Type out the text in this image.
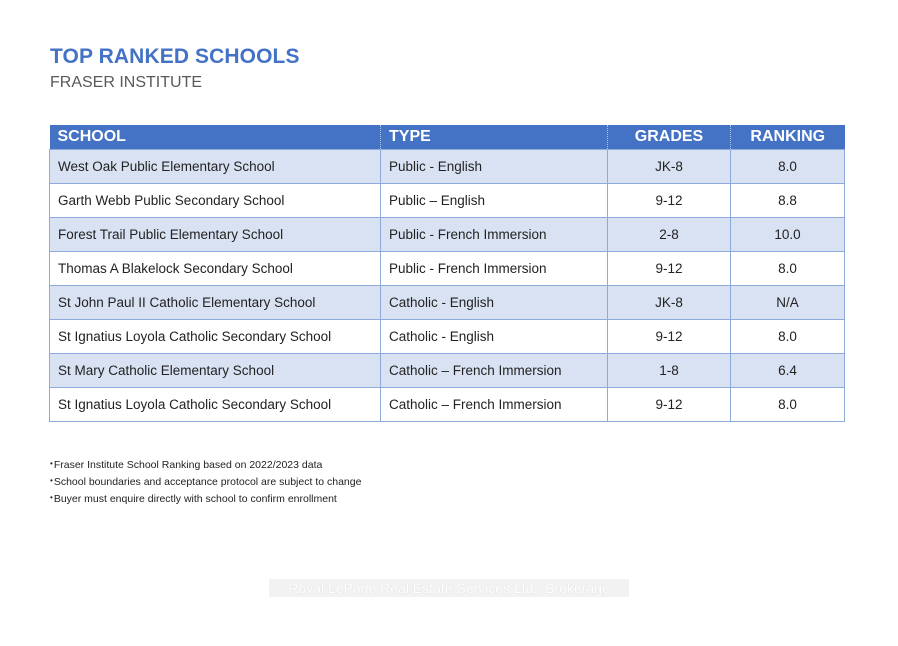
TOP RANKED SCHOOLS
FRASER INSTITUTE
SCHOOL	TYPE	GRADES	RANKING
West Oak Public Elementary School	Public - English	JK-8	8.0
Garth Webb Public Secondary School	Public – English	9-12	8.8
Forest Trail Public Elementary School	Public - French Immersion	2-8	10.0
Thomas A Blakelock Secondary School	Public - French Immersion	9-12	8.0
St John Paul II Catholic Elementary School	Catholic - English	JK-8	N/A
St Ignatius Loyola Catholic Secondary School	Catholic - English	9-12	8.0
St Mary Catholic Elementary School	Catholic – French Immersion	1-8	6.4
St Ignatius Loyola Catholic Secondary School	Catholic – French Immersion	9-12	8.0
•Fraser Institute School Ranking based on 2022/2023 data
•School boundaries and acceptance protocol are subject to change
•Buyer must enquire directly with school to confirm enrollment
Royal LePage Real Estate Services Ltd., Brokerage
